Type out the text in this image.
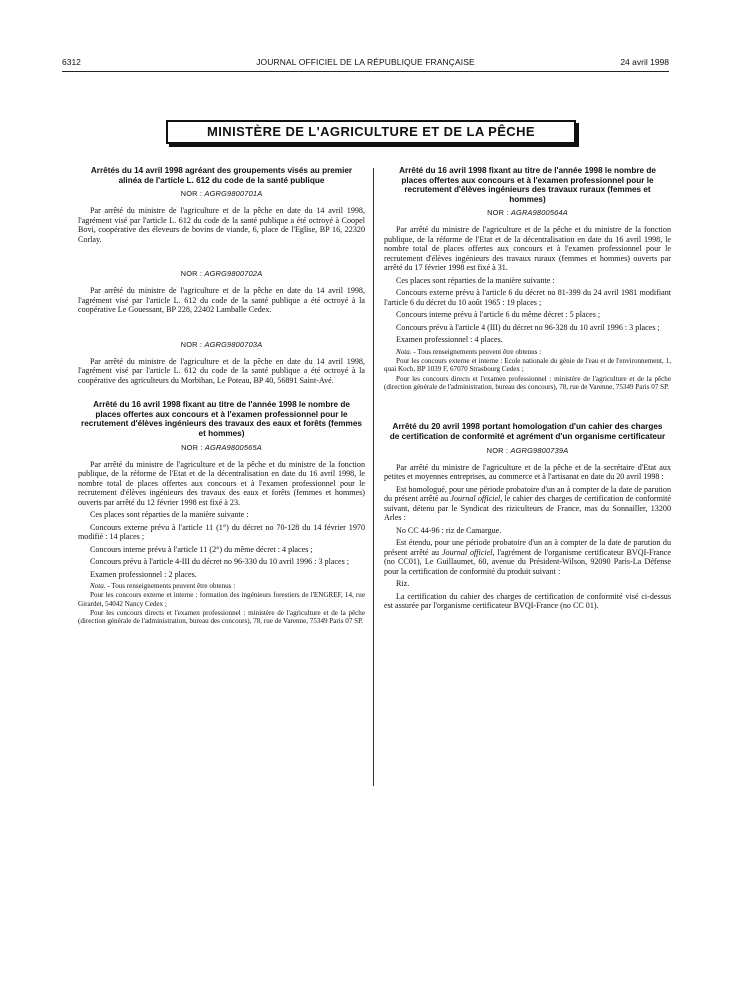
6312	JOURNAL OFFICIEL DE LA RÉPUBLIQUE FRANÇAISE	24 avril 1998
MINISTÈRE DE L'AGRICULTURE ET DE LA PÊCHE
Arrêtés du 14 avril 1998 agréant des groupements visés au premier alinéa de l'article L. 612 du code de la santé publique
NOR : AGRG9800701A

Par arrêté du ministre de l'agriculture et de la pêche en date du 14 avril 1998, l'agrément visé par l'article L. 612 du code de la santé publique a été octroyé à Coopel Bovi, coopérative des éleveurs de bovins de viande, 6, place de l'Eglise, BP 16, 22320 Corlay.

NOR : AGRG9800702A

Par arrêté du ministre de l'agriculture et de la pêche en date du 14 avril 1998, l'agrément visé par l'article L. 612 du code de la santé publique a été octroyé à la coopérative Le Gouessant, BP 228, 22402 Lamballe Cedex.

NOR : AGRG9800703A

Par arrêté du ministre de l'agriculture et de la pêche en date du 14 avril 1998, l'agrément visé par l'article L. 612 du code de la santé publique a été octroyé à la coopérative des agriculteurs du Morbihan, Le Poteau, BP 40, 56891 Saint-Avé.

Arrêté du 16 avril 1998 fixant au titre de l'année 1998 le nombre de places offertes aux concours et à l'examen professionnel pour le recrutement d'élèves ingénieurs des travaux des eaux et forêts (femmes et hommes)
NOR : AGRA9800565A

Par arrêté du ministre de l'agriculture et de la pêche et du ministre de la fonction publique, de la réforme de l'Etat et de la décentralisation en date du 16 avril 1998, le nombre total de places offertes aux concours et à l'examen professionnel pour le recrutement d'élèves ingénieurs des travaux des eaux et forêts (femmes et hommes) ouverts par arrêté du 12 février 1998 est fixé à 23.

Ces places sont réparties de la manière suivante :

Concours externe prévu à l'article 11 (1°) du décret no 70-128 du 14 février 1970 modifié : 14 places ;

Concours interne prévu à l'article 11 (2°) du même décret : 4 places ;

Concours prévu à l'article 4-III du décret no 96-330 du 10 avril 1996 : 3 places ;

Examen professionnel : 2 places.

Nota. - Tous renseignements peuvent être obtenus :

Pour les concours externe et interne : formation des ingénieurs forestiers de l'ENGREF, 14, rue Girardet, 54042 Nancy Cedex ;

Pour les concours directs et l'examen professionnel : ministère de l'agriculture et de la pêche (direction générale de l'administration, bureau des concours), 78, rue de Varenne, 75349 Paris 07 SP.

Arrêté du 16 avril 1998 fixant au titre de l'année 1998 le nombre de places offertes aux concours et à l'examen professionnel pour le recrutement d'élèves ingénieurs des travaux ruraux (femmes et hommes)
NOR : AGRA9800564A

Par arrêté du ministre de l'agriculture et de la pêche et du ministre de la fonction publique, de la réforme de l'Etat et de la décentralisation en date du 16 avril 1998, le nombre total de places offertes aux concours et à l'examen professionnel pour le recrutement d'élèves ingénieurs des travaux ruraux (femmes et hommes) ouverts par arrêté du 17 février 1998 est fixé à 31.

Ces places sont réparties de la manière suivante :

Concours externe prévu à l'article 6 du décret no 81-399 du 24 avril 1981 modifiant l'article 6 du décret du 10 août 1965 : 19 places ;

Concours interne prévu à l'article 6 du même décret : 5 places ;

Concours prévu à l'article 4 (III) du décret no 96-328 du 10 avril 1996 : 3 places ;

Examen professionnel : 4 places.

Nota. - Tous renseignements peuvent être obtenus :

Pour les concours externe et interne : Ecole nationale du génie de l'eau et de l'environnement, 1, quai Koch, BP 1039 F, 67070 Strasbourg Cedex ;

Pour les concours directs et l'examen professionnel : ministère de l'agriculture et de la pêche (direction générale de l'administration, bureau des concours), 78, rue de Varenne, 75349 Paris 07 SP.

Arrêté du 20 avril 1998 portant homologation d'un cahier des charges de certification de conformité et agrément d'un organisme certificateur
NOR : AGRG9800739A

Par arrêté du ministre de l'agriculture et de la pêche et de la secrétaire d'Etat aux petites et moyennes entreprises, au commerce et à l'artisanat en date du 20 avril 1998 :

Est homologué, pour une période probatoire d'un an à compter de la date de parution du présent arrêté au Journal officiel, le cahier des charges de certification de conformité suivant, détenu par le Syndicat des riziculteurs de France, mas du Sonnailler, 13200 Arles :

No CC 44-96 : riz de Camargue.

Est étendu, pour une période probatoire d'un an à compter de la date de parution du présent arrêté au Journal officiel, l'agrément de l'organisme certificateur BVQI-France (no CC01), Le Guillaumet, 60, avenue du Président-Wilson, 92090 Paris-La Défense pour la certification de conformité du produit suivant :

Riz.

La certification du cahier des charges de certification de conformité visé ci-dessus est assurée par l'organisme certificateur BVQI-France (no CC 01).
